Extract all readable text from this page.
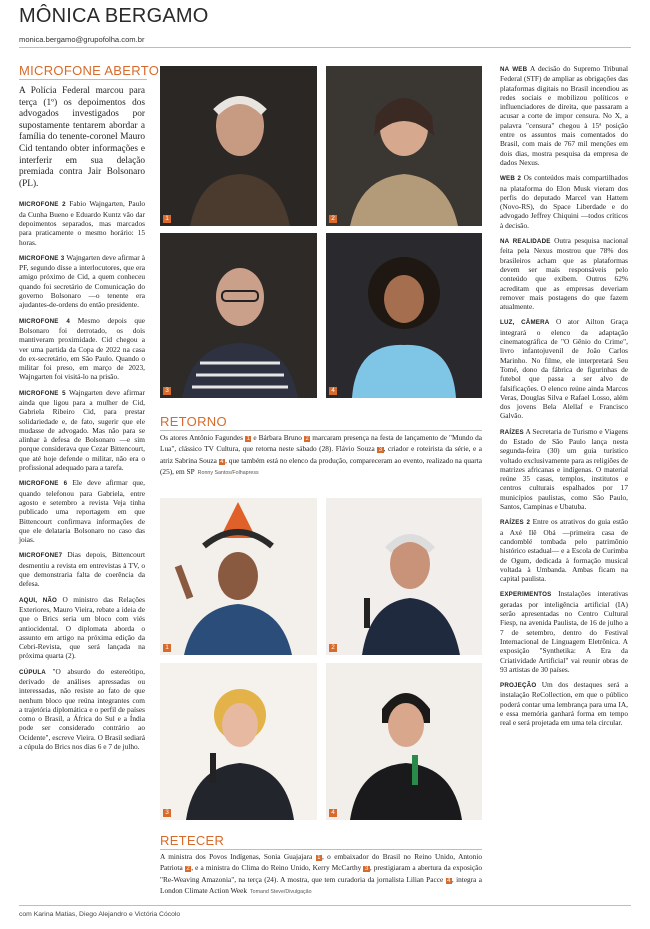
MÔNICA BERGAMO
monica.bergamo@grupofolha.com.br
MICROFONE ABERTO

A Polícia Federal marcou para terça (1º) os depoimentos dos advogados investigados por supostamente tentarem abordar a família do tenente-coronel Mauro Cid tentando obter informações e interferir em sua delação premiada contra Jair Bolsonaro (PL).

MICROFONE 2 Fabio Wajngarten, Paulo da Cunha Bueno e Eduardo Kuntz vão dar depoimentos separados, mas marcados para praticamente o mesmo horário: 15 horas.

MICROFONE 3 Wajngarten deve afirmar à PF, segundo disse a interlocutores, que era amigo próximo de Cid, a quem conheceu quando foi secretário de Comunicação do governo Bolsonaro —o tenente era ajudantes-de-ordens do então presidente.

MICROFONE 4 Mesmo depois que Bolsonaro foi derrotado, os dois mantiveram proximidade. Cid chegou a ver uma partida da Copa de 2022 na casa do ex-secretário, em São Paulo. Quando o militar foi preso, em março de 2023, Wajngarten foi visitá-lo na prisão.

MICROFONE 5 Wajngarten deve afirmar ainda que ligou para a mulher de Cid, Gabriela Ribeiro Cid, para prestar solidariedade e, de fato, sugerir que ele mudasse de advogado. Mas não para se alinhar à defesa de Bolsonaro —e sim porque considerava que Cezar Bittencourt, que até hoje defende o militar, não era o profissional adequado para a tarefa.

MICROFONE 6 Ele deve afirmar que, quando telefonou para Gabriela, entre agosto e setembro a revista Veja tinha publicado uma reportagem em que Bittencourt confirmava informações de que ele delataria Bolsonaro no caso das joias.

MICROFONE7 Dias depois, Bittencourt desmentiu a revista em entrevistas à TV, o que demonstraria falta de coerência da defesa.

AQUI, NÃO O ministro das Relações Exteriores, Mauro Vieira, rebate a ideia de que o Brics seria um bloco com viés antiocidental. O diplomata aborda o assunto em artigo na próxima edição da Cebri-Revista, que será lançada na próxima quarta (2).

CÚPULA "O absurdo do estereótipo, derivado de análises apressadas ou interessadas, não resiste ao fato de que nenhum bloco que reúna integrantes com a trajetória diplomática e o perfil de países como o Brasil, a África do Sul e a Índia pode ser considerado contrário ao Ocidente", escreve Vieira. O Brasil sediará a cúpula do Brics nos dias 6 e 7 de julho.

1	2
3	4
RETORNO
Os atores Antônio Fagundes 1 e Bárbara Bruno 2 marcaram presença na festa de lançamento de "Mundo da Lua", clássico TV Cultura, que retorna neste sábado (28). Flávio Souza 3 , criador e roteirista da série, e a atriz Sabrina Souza 4 , que também está no elenco da produção, compareceram ao evento, realizado na quarta (25), em SP Ronny Santos/Folhapress
1	2
3	4
RETECER
A ministra dos Povos Indígenas, Sonia Guajajara 1 , o embaixador do Brasil no Reino Unido, Antonio Patriota 2 , e a ministra do Clima do Reino Unido, Kerry McCarthy 3 , prestigiaram a abertura da exposição "Re-Weaving Amazonia", na terça (24). A mostra, que tem curadoria da jornalista Lilian Pacce 4 , integra a London Climate Action Week Tomand Steve/Divulgação

NA WEB A decisão do Supremo Tribunal Federal (STF) de ampliar as obrigações das plataformas digitais no Brasil incendiou as redes sociais e mobilizou políticos e influenciadores de direita, que passaram a acusar a corte de impor censura. No X, a palavra "censura" chegou à 15ª posição entre os assuntos mais comentados do Brasil, com mais de 767 mil menções em dois dias, mostra pesquisa da empresa de dados Nexus.

WEB 2 Os conteúdos mais compartilhados na plataforma do Elon Musk vieram dos perfis do deputado Marcel van Hattem (Novo-RS), do Space Liberdade e do advogado Jeffrey Chiquini —todos críticos à decisão.

NA REALIDADE Outra pesquisa nacional feita pela Nexus mostrou que 78% dos brasileiros acham que as plataformas devem ser mais responsáveis pelo conteúdo que exibem. Outros 62% acreditam que as empresas deveriam remover mais postagens do que fazem atualmente.

LUZ, CÂMERA O ator Ailton Graça integrará o elenco da adaptação cinematográfica de "O Gênio do Crime", livro infantojuvenil de João Carlos Marinho. No filme, ele interpretará Seu Tomé, dono da fábrica de figurinhas de futebol que passa a ser alvo de falsificações. O elenco reúne ainda Marcos Veras, Douglas Silva e Rafael Losso, além dos jovens Bela Alellaf e Francisco Galvão.

RAÍZES A Secretaria de Turismo e Viagens do Estado de São Paulo lança nesta segunda-feira (30) um guia turístico voltado exclusivamente para as religiões de matrizes africanas e indígenas. O material reúne 35 casas, templos, institutos e centros culturais espalhados por 17 municípios paulistas, como São Paulo, Santos, Campinas e Ubatuba.

RAÍZES 2 Entre os atrativos do guia estão a Axé Ilê Obá —primeira casa de candomblé tombada pelo patrimônio histórico estadual— e a Escola de Curimba de Ogum, dedicada à formação musical voltada à Umbanda. Ambas ficam na capital paulista.

EXPERIMENTOS Instalações interativas geradas por inteligência artificial (IA) serão apresentadas no Centro Cultural Fiesp, na avenida Paulista, de 16 de julho a 7 de setembro, dentro do Festival Internacional de Linguagem Eletrônica. A exposição "Synthetika: A Era da Criatividade Artificial" vai reunir obras de 93 artistas de 30 países.

PROJEÇÃO Um dos destaques será a instalação ReCollection, em que o público poderá contar uma lembrança para uma IA, e essa memória ganhará forma em tempo real e será projetada em uma tela circular.

com Karina Matias, Diego Alejandro e Victória Cócolo
